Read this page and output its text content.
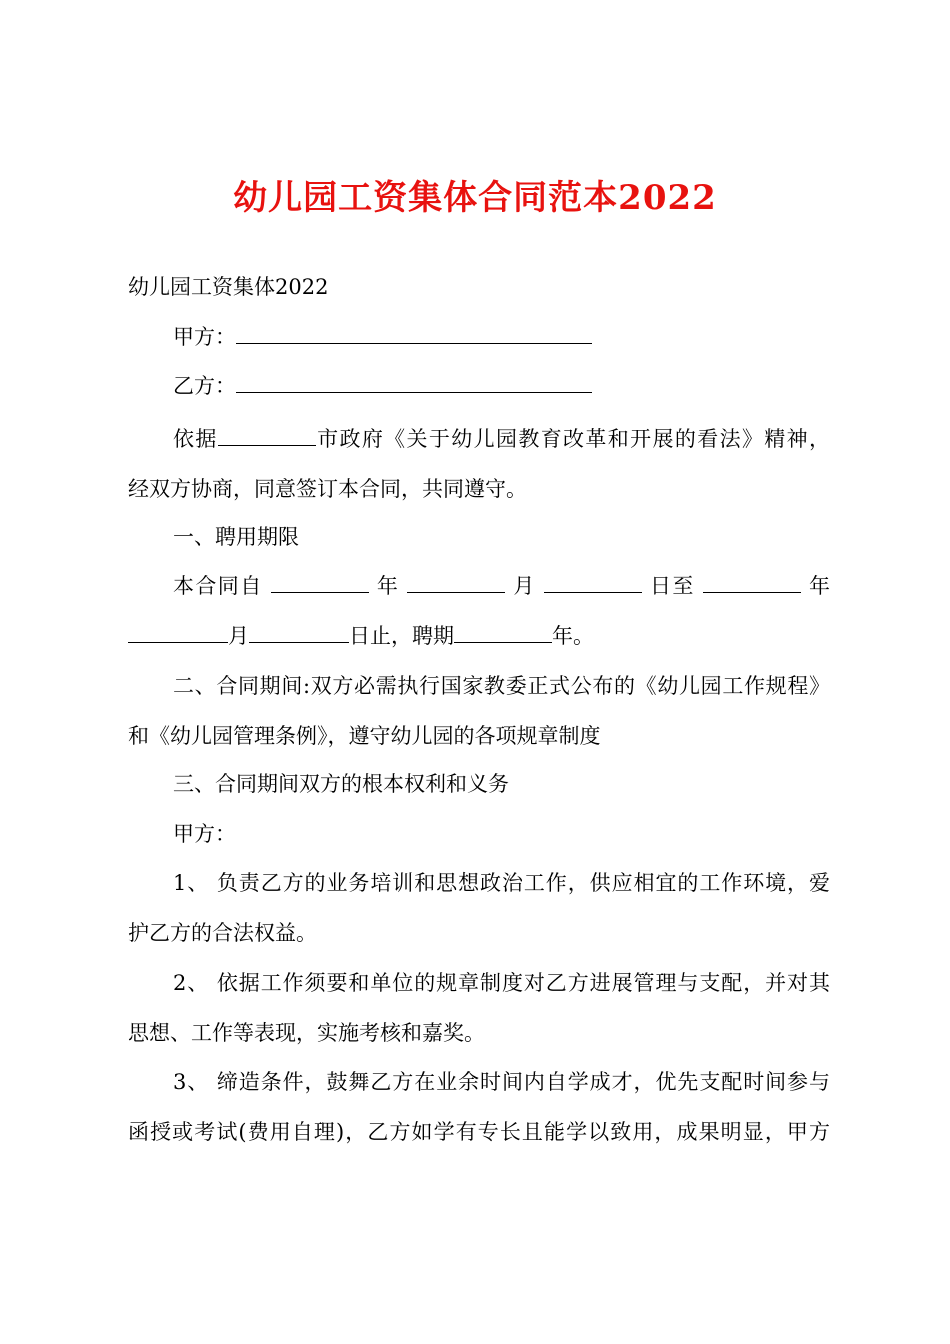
幼儿园工资集体合同范本2022
幼儿园工资集体2022
甲方：
乙方：
依据	市政府《关于幼儿园教育改革和开展的看法》精神，
经双方协商，同意签订本合同，共同遵守。
一、聘用期限
本合同自	年	月	日至	年
月	日止，聘期	年。
二、合同期间:双方必需执行国家教委正式公布的《幼儿园工作规程》
和《幼儿园管理条例》，遵守幼儿园的各项规章制度
三、合同期间双方的根本权利和义务
甲方：
1、 负责乙方的业务培训和思想政治工作，供应相宜的工作环境，爱
护乙方的合法权益。
2、 依据工作须要和单位的规章制度对乙方进展管理与支配，并对其
思想、工作等表现，实施考核和嘉奖。
3、 缔造条件，鼓舞乙方在业余时间内自学成才，优先支配时间参与
函授或考试(费用自理)，乙方如学有专长且能学以致用，成果明显，甲方
